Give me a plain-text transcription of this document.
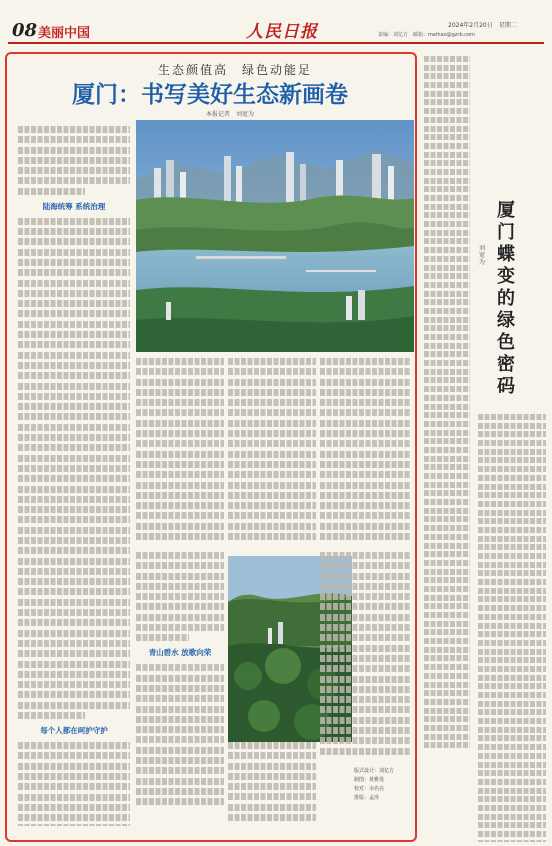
08 美丽中国	人民日报	2024年2月20日　星期二
责编：刘亿方　邮箱：meihao@gzrb.com
生态颜值高　绿色动能足
厦门：书写美好生态新画卷
本报记者　刘宽为
陆海统筹 系统治理
每个人都在呵护守护
青山碧水 放歌向荣
版式设计：刘亿方
制图：黄雅曼
校对：余名亮
排版：孟泽
厦门蝶变的绿色密码
刘宽为
